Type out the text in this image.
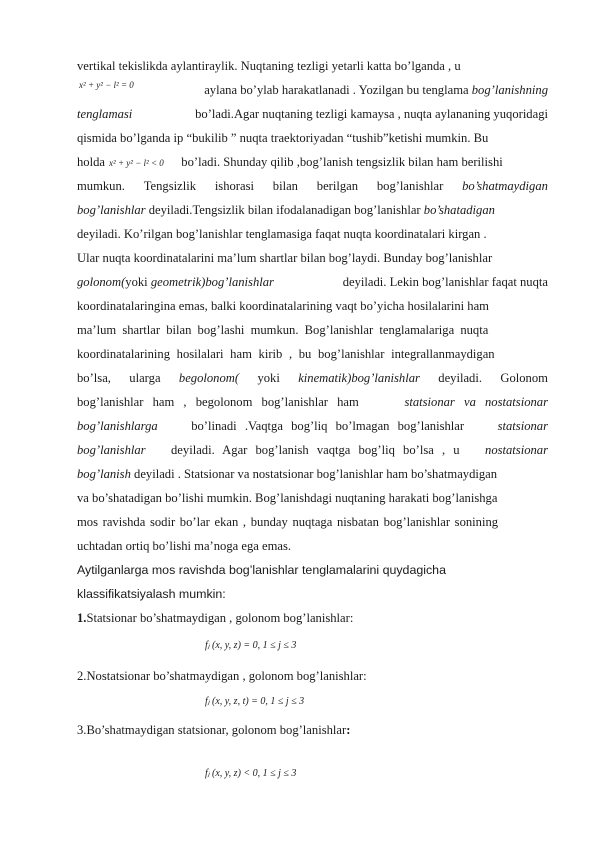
vertikal tekislikda aylantiraylik. Nuqtaning tezligi yetarli katta bo’lganda , u
x² + y² − l² = 0	aylana bo’ylab harakatlanadi . Yozilgan bu tenglama bog’lanishning
tenglamasi	bo’ladi.Agar nuqtaning tezligi kamaysa , nuqta aylananing yuqoridagi
qismida bo’lganda ip “bukilib ” nuqta traektoriyadan “tushib”ketishi mumkin. Bu
holda x² + y² − l² < 0 bo’ladi. Shunday qilib ,bog’lanish tengsizlik bilan ham berilishi
mumkun. Tengsizlik ishorasi bilan berilgan bog’lanishlar bo’shatmaydigan
bog’lanishlar deyiladi.Tengsizlik bilan ifodalanadigan bog’lanishlar bo’shatadigan
deyiladi. Ko’rilgan bog’lanishlar tenglamasiga faqat nuqta koordinatalari kirgan .
Ular nuqta koordinatalarini ma’lum shartlar bilan bog’laydi. Bunday bog’lanishlar
golonom(yoki geometrik)bog’lanishlar	deyiladi. Lekin bog’lanishlar faqat nuqta
koordinatalaringina emas, balki koordinatalarining vaqt bo’yicha hosilalarini ham
ma’lum shartlar bilan bog’lashi mumkun. Bog’lanishlar tenglamalariga nuqta
koordinatalarining hosilalari ham kirib , bu bog’lanishlar integrallanmaydigan
bo’lsa, ularga begolonom( yoki kinematik)bog’lanishlar deyiladi. Golonom
bog’lanishlar ham , begolonom bog’lanishlar ham	statsionar va nostatsionar
bog’lanishlarga bo’linadi .Vaqtga bog’liq bo’lmagan bog’lanishlar statsionar
bog’lanishlar deyiladi. Agar bog’lanish vaqtga bog’liq bo’lsa , u nostatsionar
bog’lanish deyiladi . Statsionar va nostatsionar bog’lanishlar ham bo’shatmaydigan
va bo’shatadigan bo’lishi mumkin. Bog’lanishdagi nuqtaning harakati bog’lanishga
mos ravishda sodir bo’lar ekan , bunday nuqtaga nisbatan bog’lanishlar sonining
uchtadan ortiq bo’lishi ma’noga ega emas.
Aytilganlarga mos ravishda bog’lanishlar tenglamalarini quydagicha
klassifikatsiyalash mumkin:
1.Statsionar bo’shatmaydigan , golonom bog’lanishlar:
fⱼ (x, y, z) = 0, 1 ≤ j ≤ 3
2.Nostatsionar bo’shatmaydigan , golonom bog’lanishlar:
fⱼ (x, y, z, t) = 0, 1 ≤ j ≤ 3
3.Bo’shatmaydigan statsionar, golonom bog’lanishlar:
fⱼ (x, y, z) < 0, 1 ≤ j ≤ 3
